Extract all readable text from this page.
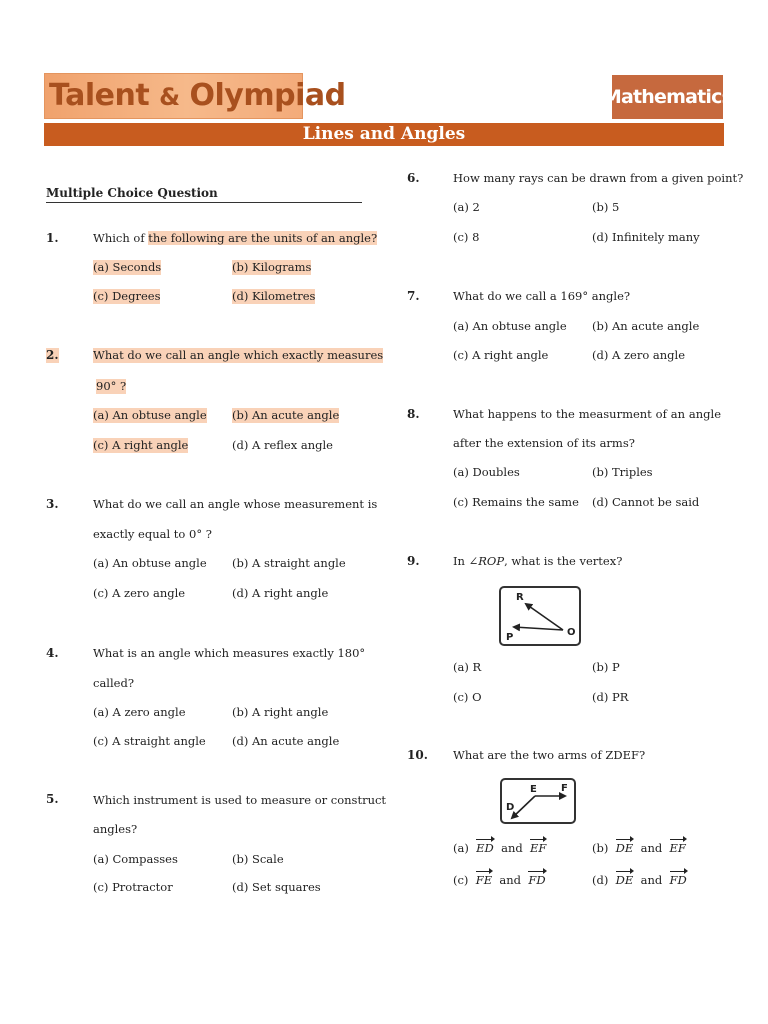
Talent & Olympiad	Mathematics
Lines and Angles
Multiple Choice Question
1.	Which of the following are the units of an angle?
(a) Seconds	(b) Kilograms
(c) Degrees	(d) Kilometres
2.	What do we call an angle which exactly measures
90° ?
(a) An obtuse angle (b) An acute angle
(c) A right angle	(d) A reflex angle
3.	What do we call an angle whose measurement is
exactly equal to 0° ?
(a) An obtuse angle (b) A straight angle
(c) A zero angle	(d) A right angle
4.	What is an angle which measures exactly 180°
called?
(a) A zero angle	(b) A right angle
(c) A straight angle (d) An acute angle
5.	Which instrument is used to measure or construct
angles?
(a) Compasses	(b) Scale
(c) Protractor	(d) Set squares
6.	How many rays can be drawn from a given point?
(a) 2	(b) 5
(c) 8	(d) Infinitely many
7.	What do we call a 169° angle?
(a) An obtuse angle (b) An acute angle
(c) A right angle	(d) A zero angle
8.	What happens to the measurment of an angle
after the extension of its arms?
(a) Doubles	(b) Triples
(c) Remains the same (d) Cannot be said
9.	In ∠ROP, what is the vertex?
R
P	O
(a) R	(b) P
(c) O	(d) PR
10. What are the two arms of ZDEF?
E F
D
(a) ED and EF	(b) DE and EF
(c) FE and FD	(d) DE and FD
